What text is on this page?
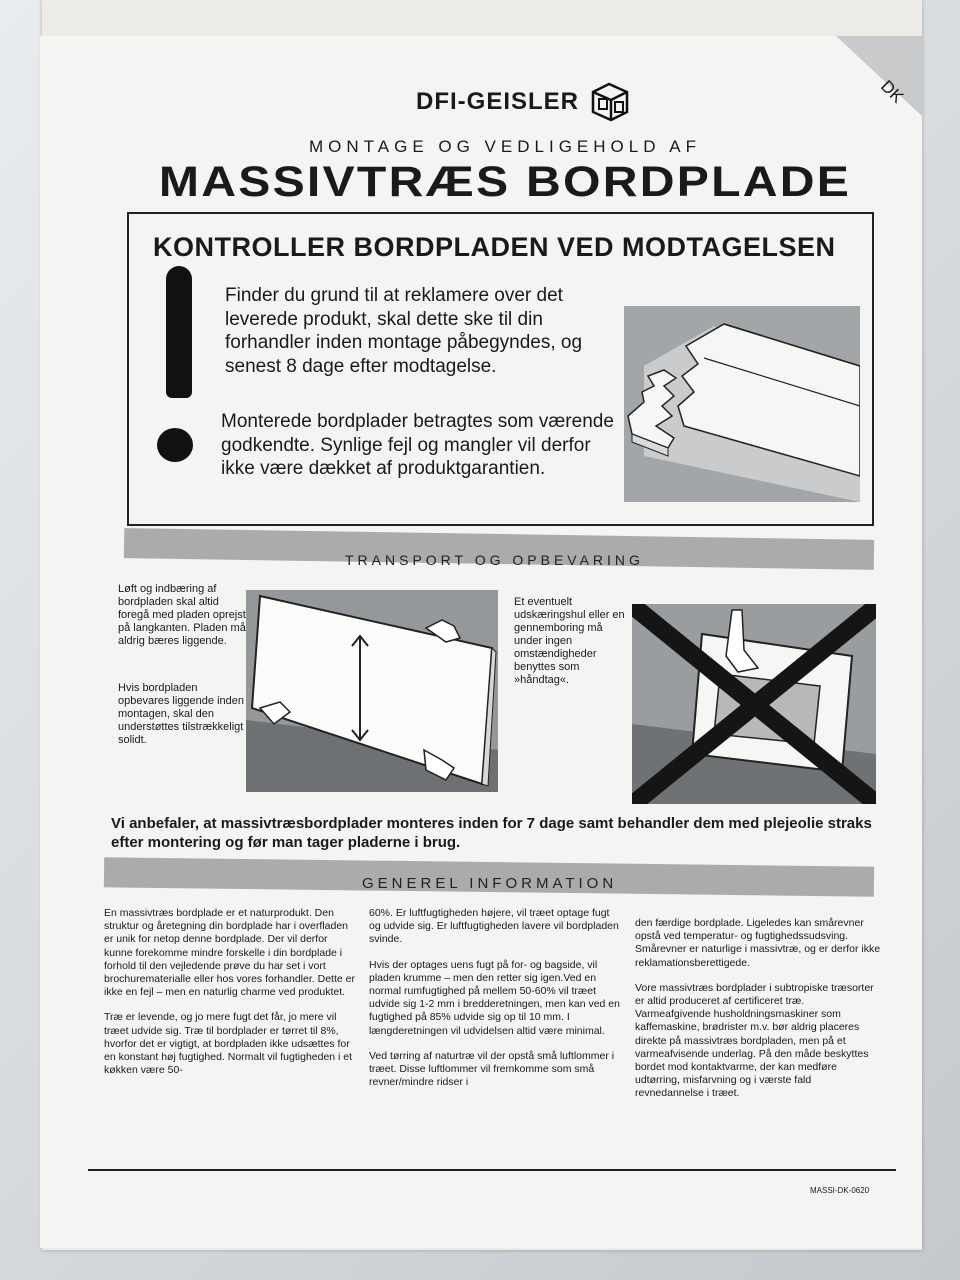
DK
DFI-GEISLER
MONTAGE OG VEDLIGEHOLD AF
MASSIVTRÆS BORDPLADE
KONTROLLER BORDPLADEN VED MODTAGELSEN
Finder du grund til at reklamere over det leverede produkt, skal dette ske til din forhandler inden montage påbegyndes, og senest 8 dage efter modtagelse.
Monterede bordplader betragtes som værende godkendte. Synlige fejl og mangler vil derfor ikke være dækket af produktgarantien.
TRANSPORT OG OPBEVARING
Løft og indbæring af bordpladen skal altid foregå med pladen oprejst på langkanten. Pladen må aldrig bæres liggende.
Hvis bordpladen opbevares liggende inden montagen, skal den understøttes tilstrækkeligt solidt.
Et eventuelt udskæringshul eller en gennemboring må under ingen omstændigheder benyttes som »håndtag«.
Vi anbefaler, at massivtræsbordplader monteres inden for 7 dage samt behandler dem med plejeolie straks efter montering og før man tager pladerne i brug.
GENEREL INFORMATION

En massivtræs bordplade er et naturprodukt. Den struktur og åretegning din bordplade har i overfladen er unik for netop denne bordplade. Der vil derfor kunne forekomme mindre forskelle i din bordplade i forhold til den vejledende prøve du har set i vort brochurematerialle eller hos vores forhandler. Dette er ikke en fejl – men en naturlig charme ved produktet.

Træ er levende, og jo mere fugt det får, jo mere vil træet udvide sig. Træ til bordplader er tørret til 8%, hvorfor det er vigtigt, at bordpladen ikke udsættes for en konstant høj fugtighed. Normalt vil fugtigheden i et køkken være 50-

60%. Er luftfugtigheden højere, vil træet optage fugt og udvide sig. Er luftfugtigheden lavere vil bordpladen svinde.

Hvis der optages uens fugt på for- og bagside, vil pladen krumme – men den retter sig igen.Ved en normal rumfugtighed på mellem 50-60% vil træet udvide sig 1-2 mm i bredderetningen, men kan ved en fugtighed på 85% udvide sig op til 10 mm. I længderetningen vil udvidelsen altid være minimal.

Ved tørring af naturtræ vil der opstå små luftlommer i træet. Disse luftlommer vil fremkomme som små revner/mindre ridser i

den færdige bordplade. Ligeledes kan smårevner opstå ved temperatur- og fugtighedssudsving. Smårevner er naturlige i massivtræ, og er derfor ikke reklamationsberettigede.

Vore massivtræs bordplader i subtropiske træsorter er altid produceret af certificeret træ. Varmeafgivende husholdningsmaskiner som kaffemaskine, brødrister m.v. bør aldrig placeres direkte på massivtræs bordpladen, men på et varmeafvisende underlag. På den måde beskyttes bordet mod kontaktvarme, der kan medføre udtørring, misfarvning og i værste fald revnedannelse i træet.

MASSI-DK-0620
